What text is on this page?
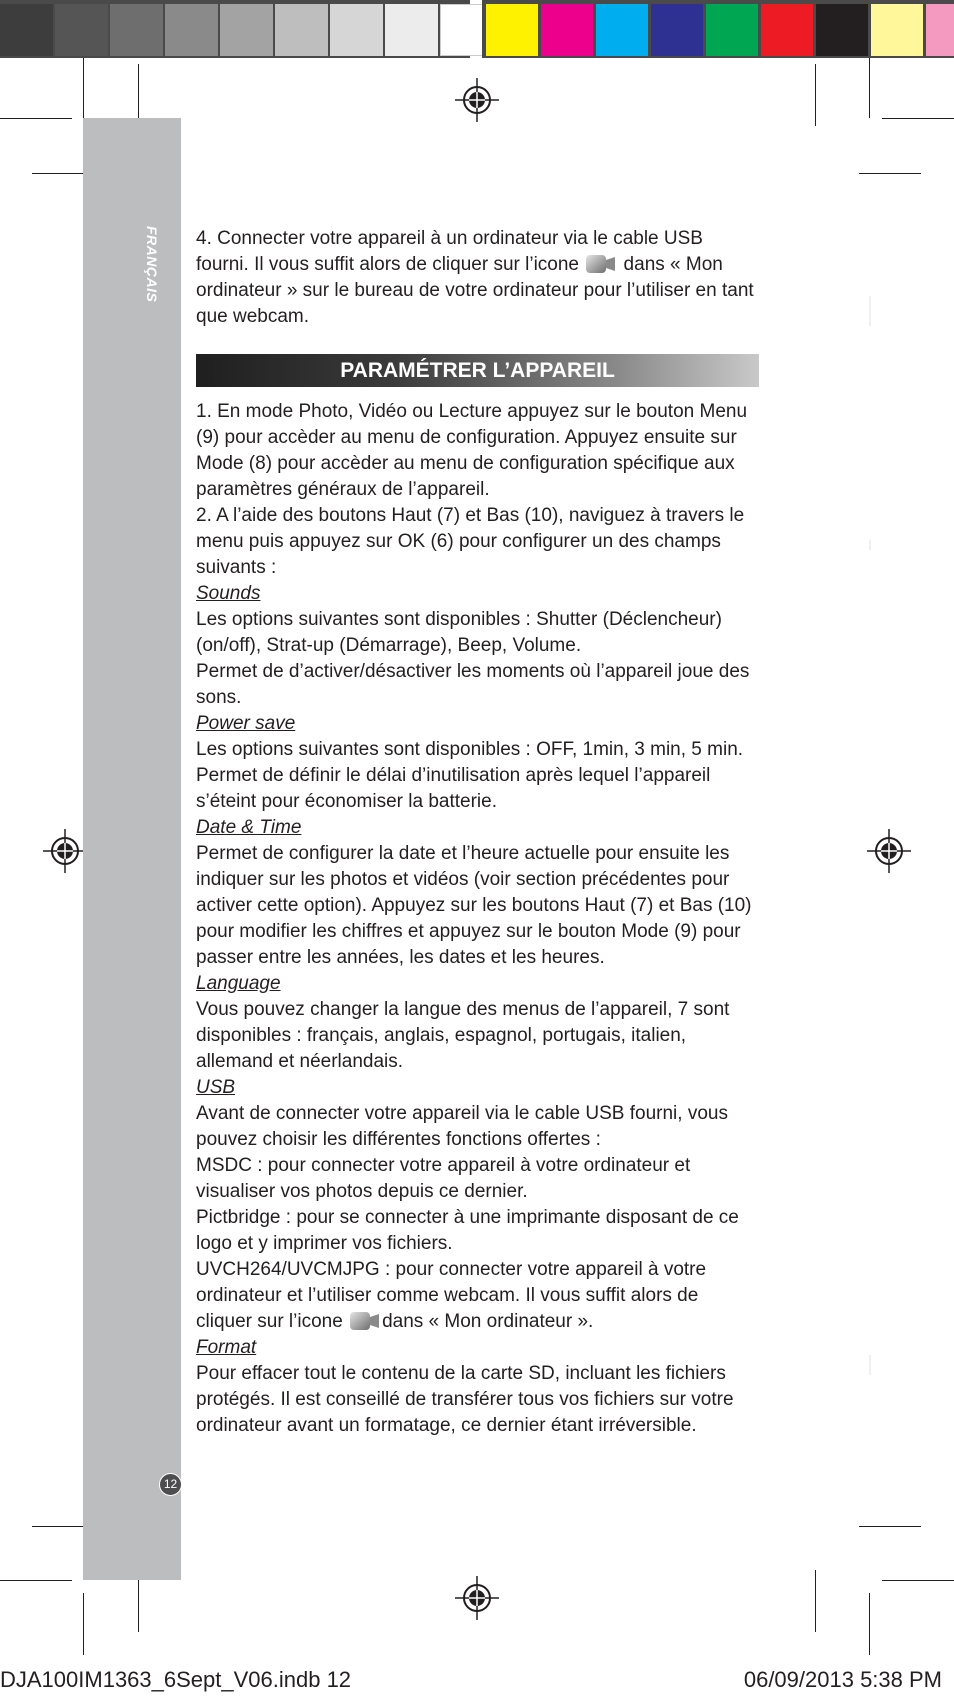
FRANÇAIS
12

4. Connecter votre appareil à un ordinateur via le cable USB fourni. Il vous suffit alors de cliquer sur l’icone  dans « Mon ordinateur » sur le bureau de votre ordinateur pour l’utiliser en tant que webcam.

PARAMÉTRER L’APPAREIL

1. En mode Photo, Vidéo ou Lecture appuyez sur le bouton Menu (9) pour accèder au menu de configuration. Appuyez ensuite sur Mode (8) pour accèder au menu de configuration spécifique aux paramètres généraux de l’appareil.

2. A l’aide des boutons Haut (7) et Bas (10), naviguez à travers le menu puis appuyez sur OK (6) pour configurer un des champs suivants :

Sounds

Les options suivantes sont disponibles : Shutter (Déclencheur) (on/off), Strat-up (Démarrage), Beep, Volume.

Permet de d’activer/désactiver les moments où l’appareil joue des sons.

Power save

Les options suivantes sont disponibles : OFF, 1min, 3 min, 5 min.

Permet de définir le délai d’inutilisation après lequel l’appareil s’éteint pour économiser la batterie.

Date & Time

Permet de configurer la date et l’heure actuelle pour ensuite les indiquer sur les photos et vidéos (voir section précédentes pour activer cette option). Appuyez sur les boutons Haut (7) et Bas (10) pour modifier les chiffres et appuyez sur le bouton Mode (9) pour passer entre les années, les dates et les heures.

Language

Vous pouvez changer la langue des menus de l’appareil, 7 sont disponibles : français, anglais, espagnol, portugais, italien, allemand et néerlandais.

USB

Avant de connecter votre appareil via le cable USB fourni, vous pouvez choisir les différentes fonctions offertes :

MSDC : pour connecter votre appareil à votre ordinateur et visualiser vos photos depuis ce dernier.

Pictbridge : pour se connecter à une imprimante disposant de ce logo et y imprimer vos fichiers.

UVCH264/UVCMJPG : pour connecter votre appareil à votre ordinateur et l’utiliser comme webcam. Il vous suffit alors de cliquer sur l’icone dans « Mon ordinateur ».

Format

Pour effacer tout le contenu de la carte SD, incluant les fichiers protégés. Il est conseillé de transférer tous vos fichiers sur votre ordinateur avant un formatage, ce dernier étant irréversible.

DJA100IM1363_6Sept_V06.indb 12	06/09/2013 5:38 PM
